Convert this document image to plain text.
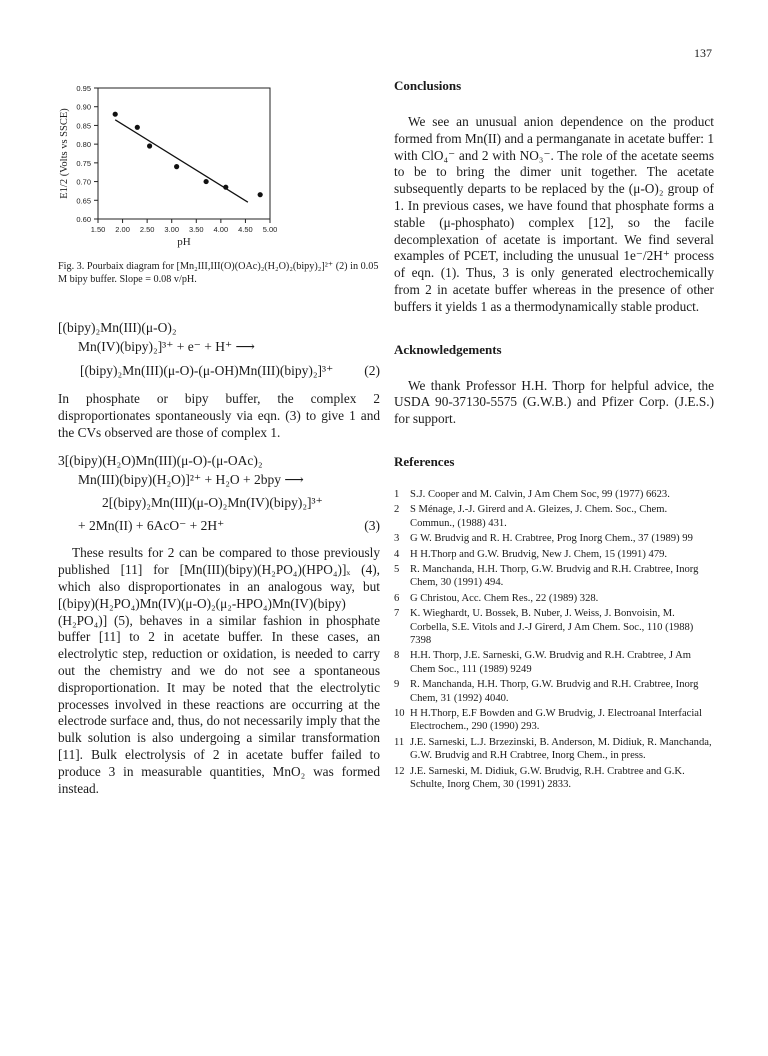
137
0.60
0.65
0.70
0.75
0.80
0.85
0.90
0.95
1.50 2.00 2.50 3.00 3.50 4.00 4.50 5.00
pH
E1/2 (Volts vs SSCE)
Fig. 3. Pourbaix diagram for [Mn₂III,III(O)(OAc)₂(H₂O)₂(bipy)₂]²⁺ (2) in 0.05 M bipy buffer. Slope = 0.08 v/pH.
[(bipy)₂Mn(III)(μ-O)₂
Mn(IV)(bipy)₂]³⁺ + e⁻ + H⁺ ⟶
[(bipy)₂Mn(III)(μ-O)-(μ-OH)Mn(III)(bipy)₂]³⁺ (2)

In phosphate or bipy buffer, the complex 2 disproportionates spontaneously via eqn. (3) to give 1 and the CVs observed are those of complex 1.

3[(bipy)(H₂O)Mn(III)(μ-O)-(μ-OAc)₂
Mn(III)(bipy)(H₂O)]²⁺ + H₂O + 2bpy ⟶
2[(bipy)₂Mn(III)(μ-O)₂Mn(IV)(bipy)₂]³⁺
+ 2Mn(II) + 6AcO⁻ + 2H⁺	(3)

These results for 2 can be compared to those previously published [11] for [Mn(III)(bipy)(H₂PO₄)(HPO₄)]ₓ (4), which also disproportionates in an analogous way, but [(bipy)(H₂PO₄)Mn(IV)(μ-O)₂(μ₂-HPO₄)Mn(IV)(bipy)(H₂PO₄)] (5), behaves in a similar fashion in phosphate buffer [11] to 2 in acetate buffer. In these cases, an electrolytic step, reduction or oxidation, is needed to carry out the chemistry and we do not see a spontaneous disproportionation. It may be noted that the electrolytic processes involved in these reactions are occurring at the electrode surface and, thus, do not necessarily imply that the bulk solution is also undergoing a similar transformation [11]. Bulk electrolysis of 2 in acetate buffer failed to produce 3 in measurable quantities, MnO₂ was formed instead.

Conclusions

We see an unusual anion dependence on the product formed from Mn(II) and a permanganate in acetate buffer: 1 with ClO₄⁻ and 2 with NO₃⁻. The role of the acetate seems to be to bring the dimer unit together. The acetate subsequently departs to be replaced by the (μ-O)₂ group of 1. In previous cases, we have found that phosphate forms a stable (μ-phosphato) complex [12], so the facile decomplexation of acetate is important. We find several examples of PCET, including the unusual 1e⁻/2H⁺ process of eqn. (1). Thus, 3 is only generated electrochemically from 2 in acetate buffer whereas in the presence of other buffers it yields 1 as a thermodynamically stable product.

Acknowledgements

We thank Professor H.H. Thorp for helpful advice, the USDA 90-37130-5575 (G.W.B.) and Pfizer Corp. (J.E.S.) for support.

References
1	S.J. Cooper and M. Calvin, J Am Chem Soc, 99 (1977) 6623.
2	S Ménage, J.-J. Girerd and A. Gleizes, J. Chem. Soc., Chem. Commun., (1988) 431.
3	G W. Brudvig and R. H. Crabtree, Prog Inorg Chem., 37 (1989) 99
4	H H.Thorp and G.W. Brudvig, New J. Chem, 15 (1991) 479.
5	R. Manchanda, H.H. Thorp, G.W. Brudvig and R.H. Crabtree, Inorg Chem, 30 (1991) 494.
6	G Christou, Acc. Chem Res., 22 (1989) 328.
7	K. Wieghardt, U. Bossek, B. Nuber, J. Weiss, J. Bonvoisin, M. Corbella, S.E. Vitols and J.-J Girerd, J Am Chem. Soc., 110 (1988) 7398
8	H.H. Thorp, J.E. Sarneski, G.W. Brudvig and R.H. Crabtree, J Am Chem Soc., 111 (1989) 9249
9	R. Manchanda, H.H. Thorp, G.W. Brudvig and R.H. Crabtree, Inorg Chem, 31 (1992) 4040.
10 H H.Thorp, E.F Bowden and G.W Brudvig, J. Electroanal Interfacial Electrochem., 290 (1990) 293.
11 J.E. Sarneski, L.J. Brzezinski, B. Anderson, M. Didiuk, R. Manchanda, G.W. Brudvig and R.H Crabtree, Inorg Chem., in press.
12 J.E. Sarneski, M. Didiuk, G.W. Brudvig, R.H. Crabtree and G.K. Schulte, Inorg Chem, 30 (1991) 2833.
